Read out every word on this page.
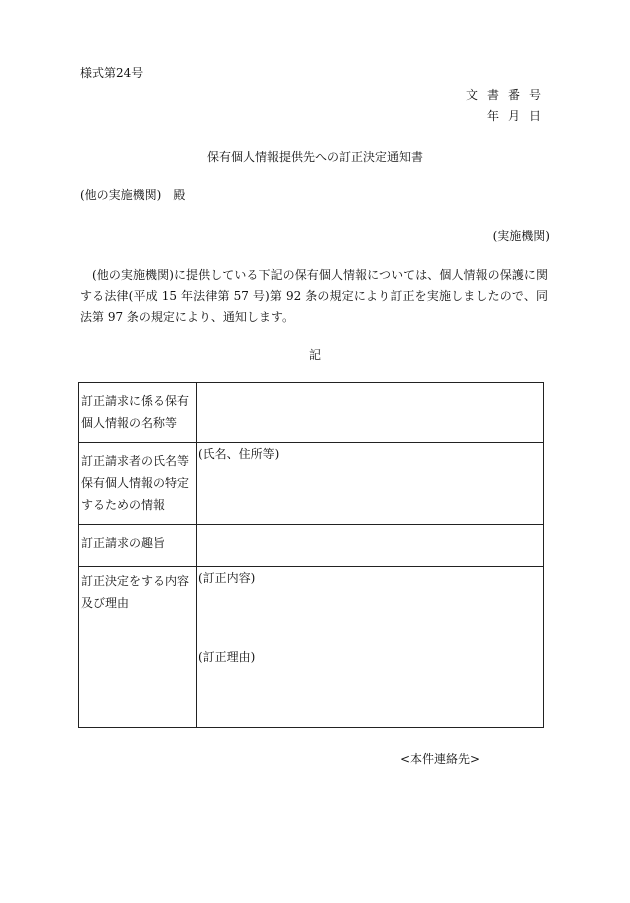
様式第24号
文書番号
年月日
保有個人情報提供先への訂正決定通知書
(他の実施機関)　殿
(実施機関)
(他の実施機関)に提供している下記の保有個人情報については、個人情報の保護に関する法律(平成 15 年法律第 57 号)第 92 条の規定により訂正を実施しましたので、同法第 97 条の規定により、通知します。
記
訂正請求に係る保有個人情報の名称等	

訂正請求者の氏名等保有個人情報の特定するための情報	(氏名、住所等)

訂正請求の趣旨	

訂正決定をする内容及び理由	(訂正内容)
(訂正理由)
<本件連絡先>
